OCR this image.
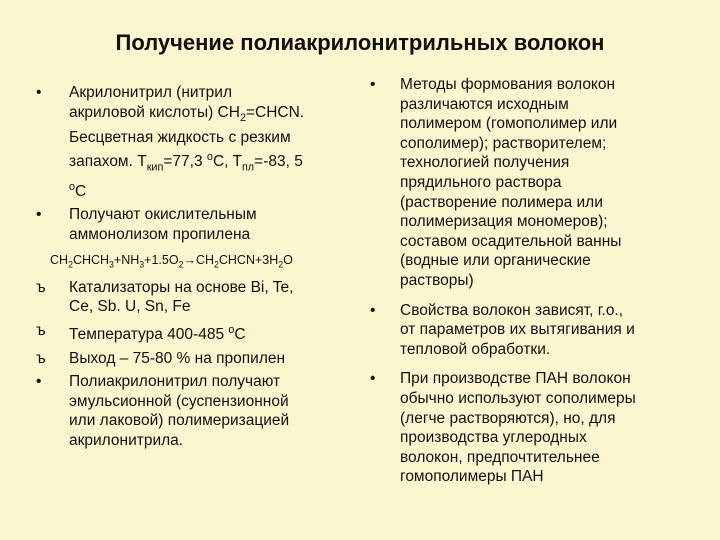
Получение полиакрилонитрильных волокон
•	Акрилонитрил (нитрил
акриловой кислоты) $CH_2=CHCN$.
Бесцветная жидкость с резким
запахом. $T_{кип}=77,3$ $^о$C, $T_{пл}=-83$, 5
$^о$C
•	Получают окислительным
аммонолизом пропилена
$CH_2CHCH_3+NH_3+1.5O_2\to CH_2CHCN+3H_2O$
ъ	Катализаторы на основе Bi, Te,
Ce, Sb. U, Sn, Fe
ъ	Температура 400-485 $^о$C
ъ	Выход – 75-80 % на пропилен
•	Полиакрилонитрил получают
эмульсионной (суспензионной
или лаковой) полимеризацией
акрилонитрила.
•	Методы формования волокон
различаются исходным
полимером (гомополимер или
сополимер); растворителем;
технологией получения
прядильного раствора
(растворение полимера или
полимеризация мономеров);
составом осадительной ванны
(водные или органические
растворы)
•	Свойства волокон зависят, г.о.,
от параметров их вытягивания и
тепловой обработки.
•	При производстве ПАН волокон
обычно используют сополимеры
(легче растворяются), но, для
производства углеродных
волокон, предпочтительнее
гомополимеры ПАН
